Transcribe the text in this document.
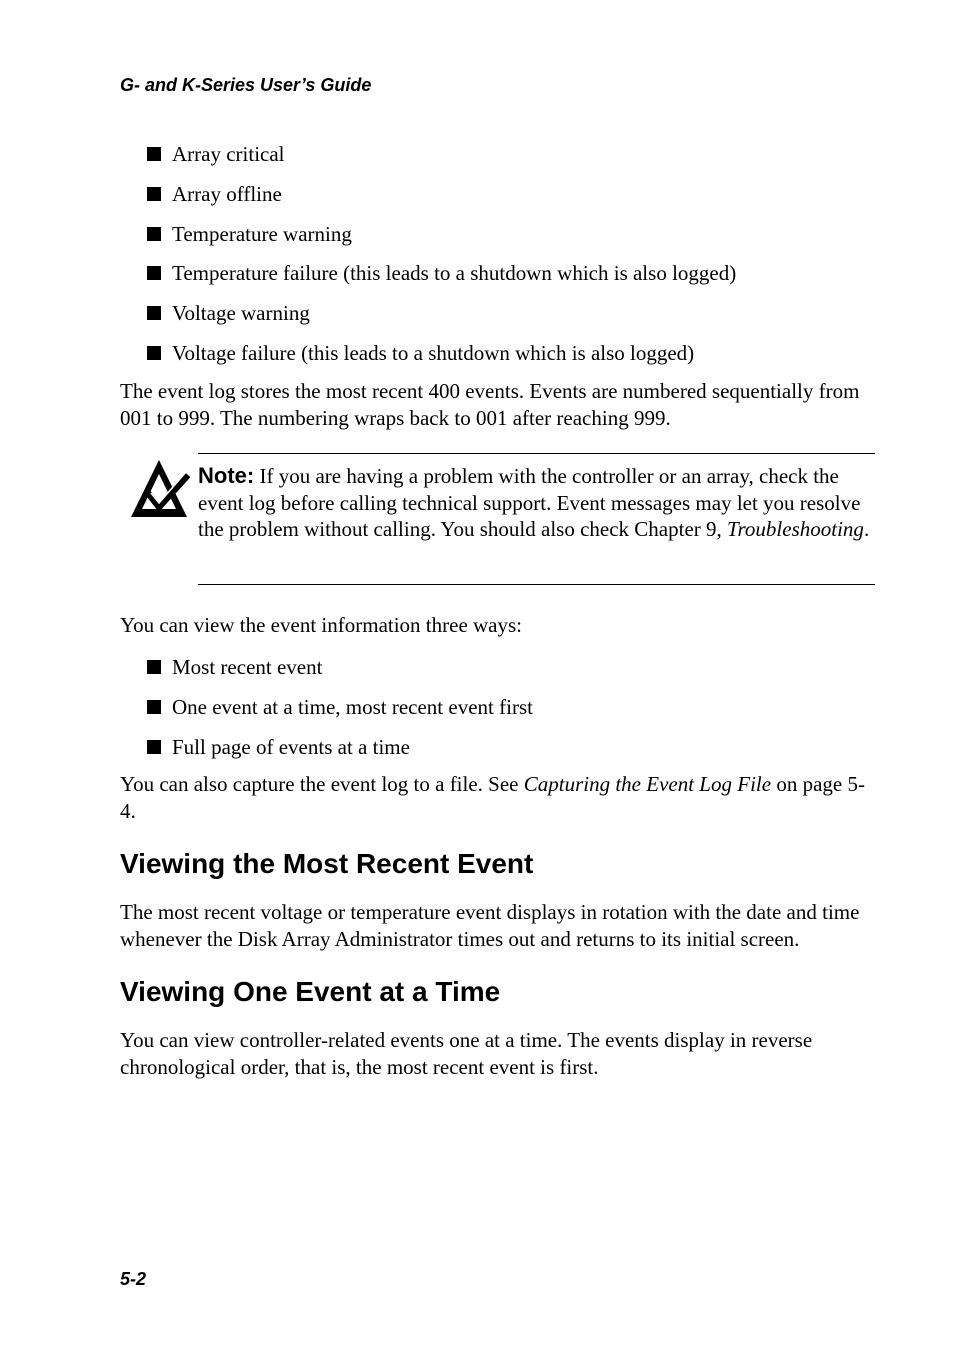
G- and K-Series User’s Guide
Array critical
Array offline
Temperature warning
Temperature failure (this leads to a shutdown which is also logged)
Voltage warning
Voltage failure (this leads to a shutdown which is also logged)

The event log stores the most recent 400 events. Events are numbered sequentially from 001 to 999. The numbering wraps back to 001 after reaching 999.

Note: If you are having a problem with the controller or an array, check the event log before calling technical support. Event messages may let you resolve the problem without calling. You should also check Chapter 9, Troubleshooting.

You can view the event information three ways:

Most recent event
One event at a time, most recent event first
Full page of events at a time

You can also capture the event log to a file. See Capturing the Event Log File on page 5-4.

Viewing the Most Recent Event

The most recent voltage or temperature event displays in rotation with the date and time whenever the Disk Array Administrator times out and returns to its initial screen.

Viewing One Event at a Time

You can view controller-related events one at a time. The events display in reverse chronological order, that is, the most recent event is first.

5-2
